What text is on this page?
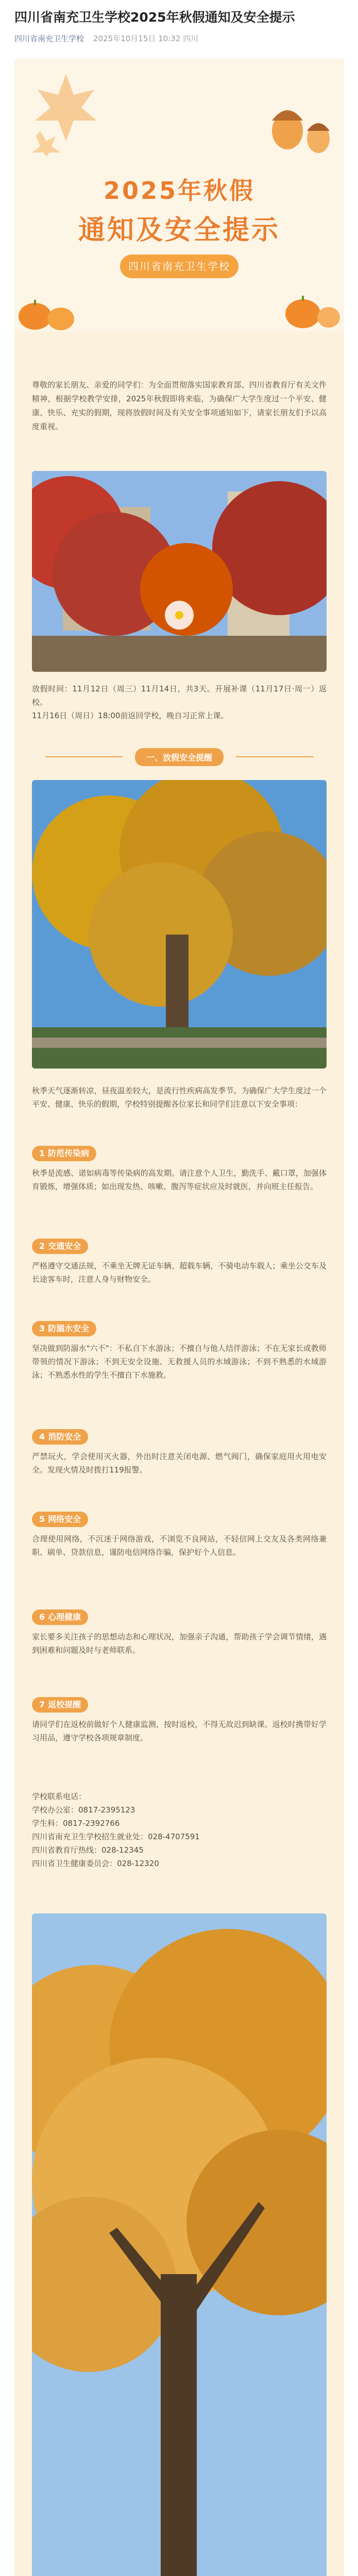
四川省南充卫生学校2025年秋假通知及安全提示
四川省南充卫生学校 2025年10月15日 10:32 四川
2025年秋假
通知及安全提示
四川省南充卫生学校
尊敬的家长朋友、亲爱的同学们：为全面贯彻落实国家教育部、四川省教育厅有关文件精神，根据学校教学安排，2025年秋假即将来临，为确保广大学生度过一个平安、健康、快乐、充实的假期，现将放假时间及有关安全事项通知如下，请家长朋友们予以高度重视。
放假时间：11月12日（周三）11月14日，共3天。开展补课（11月17日·周一）返校。
11月16日（周日）18:00前返回学校，晚自习正常上课。
一、放假安全提醒
秋季天气逐渐转凉，昼夜温差较大，是流行性疾病高发季节。为确保广大学生度过一个平安、健康、快乐的假期，学校特别提醒各位家长和同学们注意以下安全事项：
1 防范传染病
秋季是流感、诺如病毒等传染病的高发期。请注意个人卫生，勤洗手、戴口罩，加强体育锻炼，增强体质；如出现发热、咳嗽、腹泻等症状应及时就医，并向班主任报告。
2 交通安全
严格遵守交通法规，不乘坐无牌无证车辆、超载车辆，不骑电动车载人；乘坐公交车及长途客车时，注意人身与财物安全。
3 防溺水安全
坚决做到防溺水"六不"：不私自下水游泳；不擅自与他人结伴游泳；不在无家长或教师带领的情况下游泳；不到无安全设施、无救援人员的水域游泳；不到不熟悉的水域游泳；不熟悉水性的学生不擅自下水施救。
4 消防安全
严禁玩火，学会使用灭火器，外出时注意关闭电源、燃气阀门，确保家庭用火用电安全。发现火情及时拨打119报警。
5 网络安全
合理使用网络，不沉迷于网络游戏，不浏览不良网站，不轻信网上交友及各类网络兼职、刷单、贷款信息，谨防电信网络诈骗，保护好个人信息。
6 心理健康
家长要多关注孩子的思想动态和心理状况，加强亲子沟通，帮助孩子学会调节情绪，遇到困难和问题及时与老师联系。
7 返校提醒
请同学们在返校前做好个人健康监测，按时返校，不得无故迟到缺课。返校时携带好学习用品，遵守学校各项规章制度。
学校联系电话：
学校办公室：0817-2395123
学生科：0817-2392766
四川省南充卫生学校招生就业处：028-4707591
四川省教育厅热线：028-12345
四川省卫生健康委员会：028-12320
